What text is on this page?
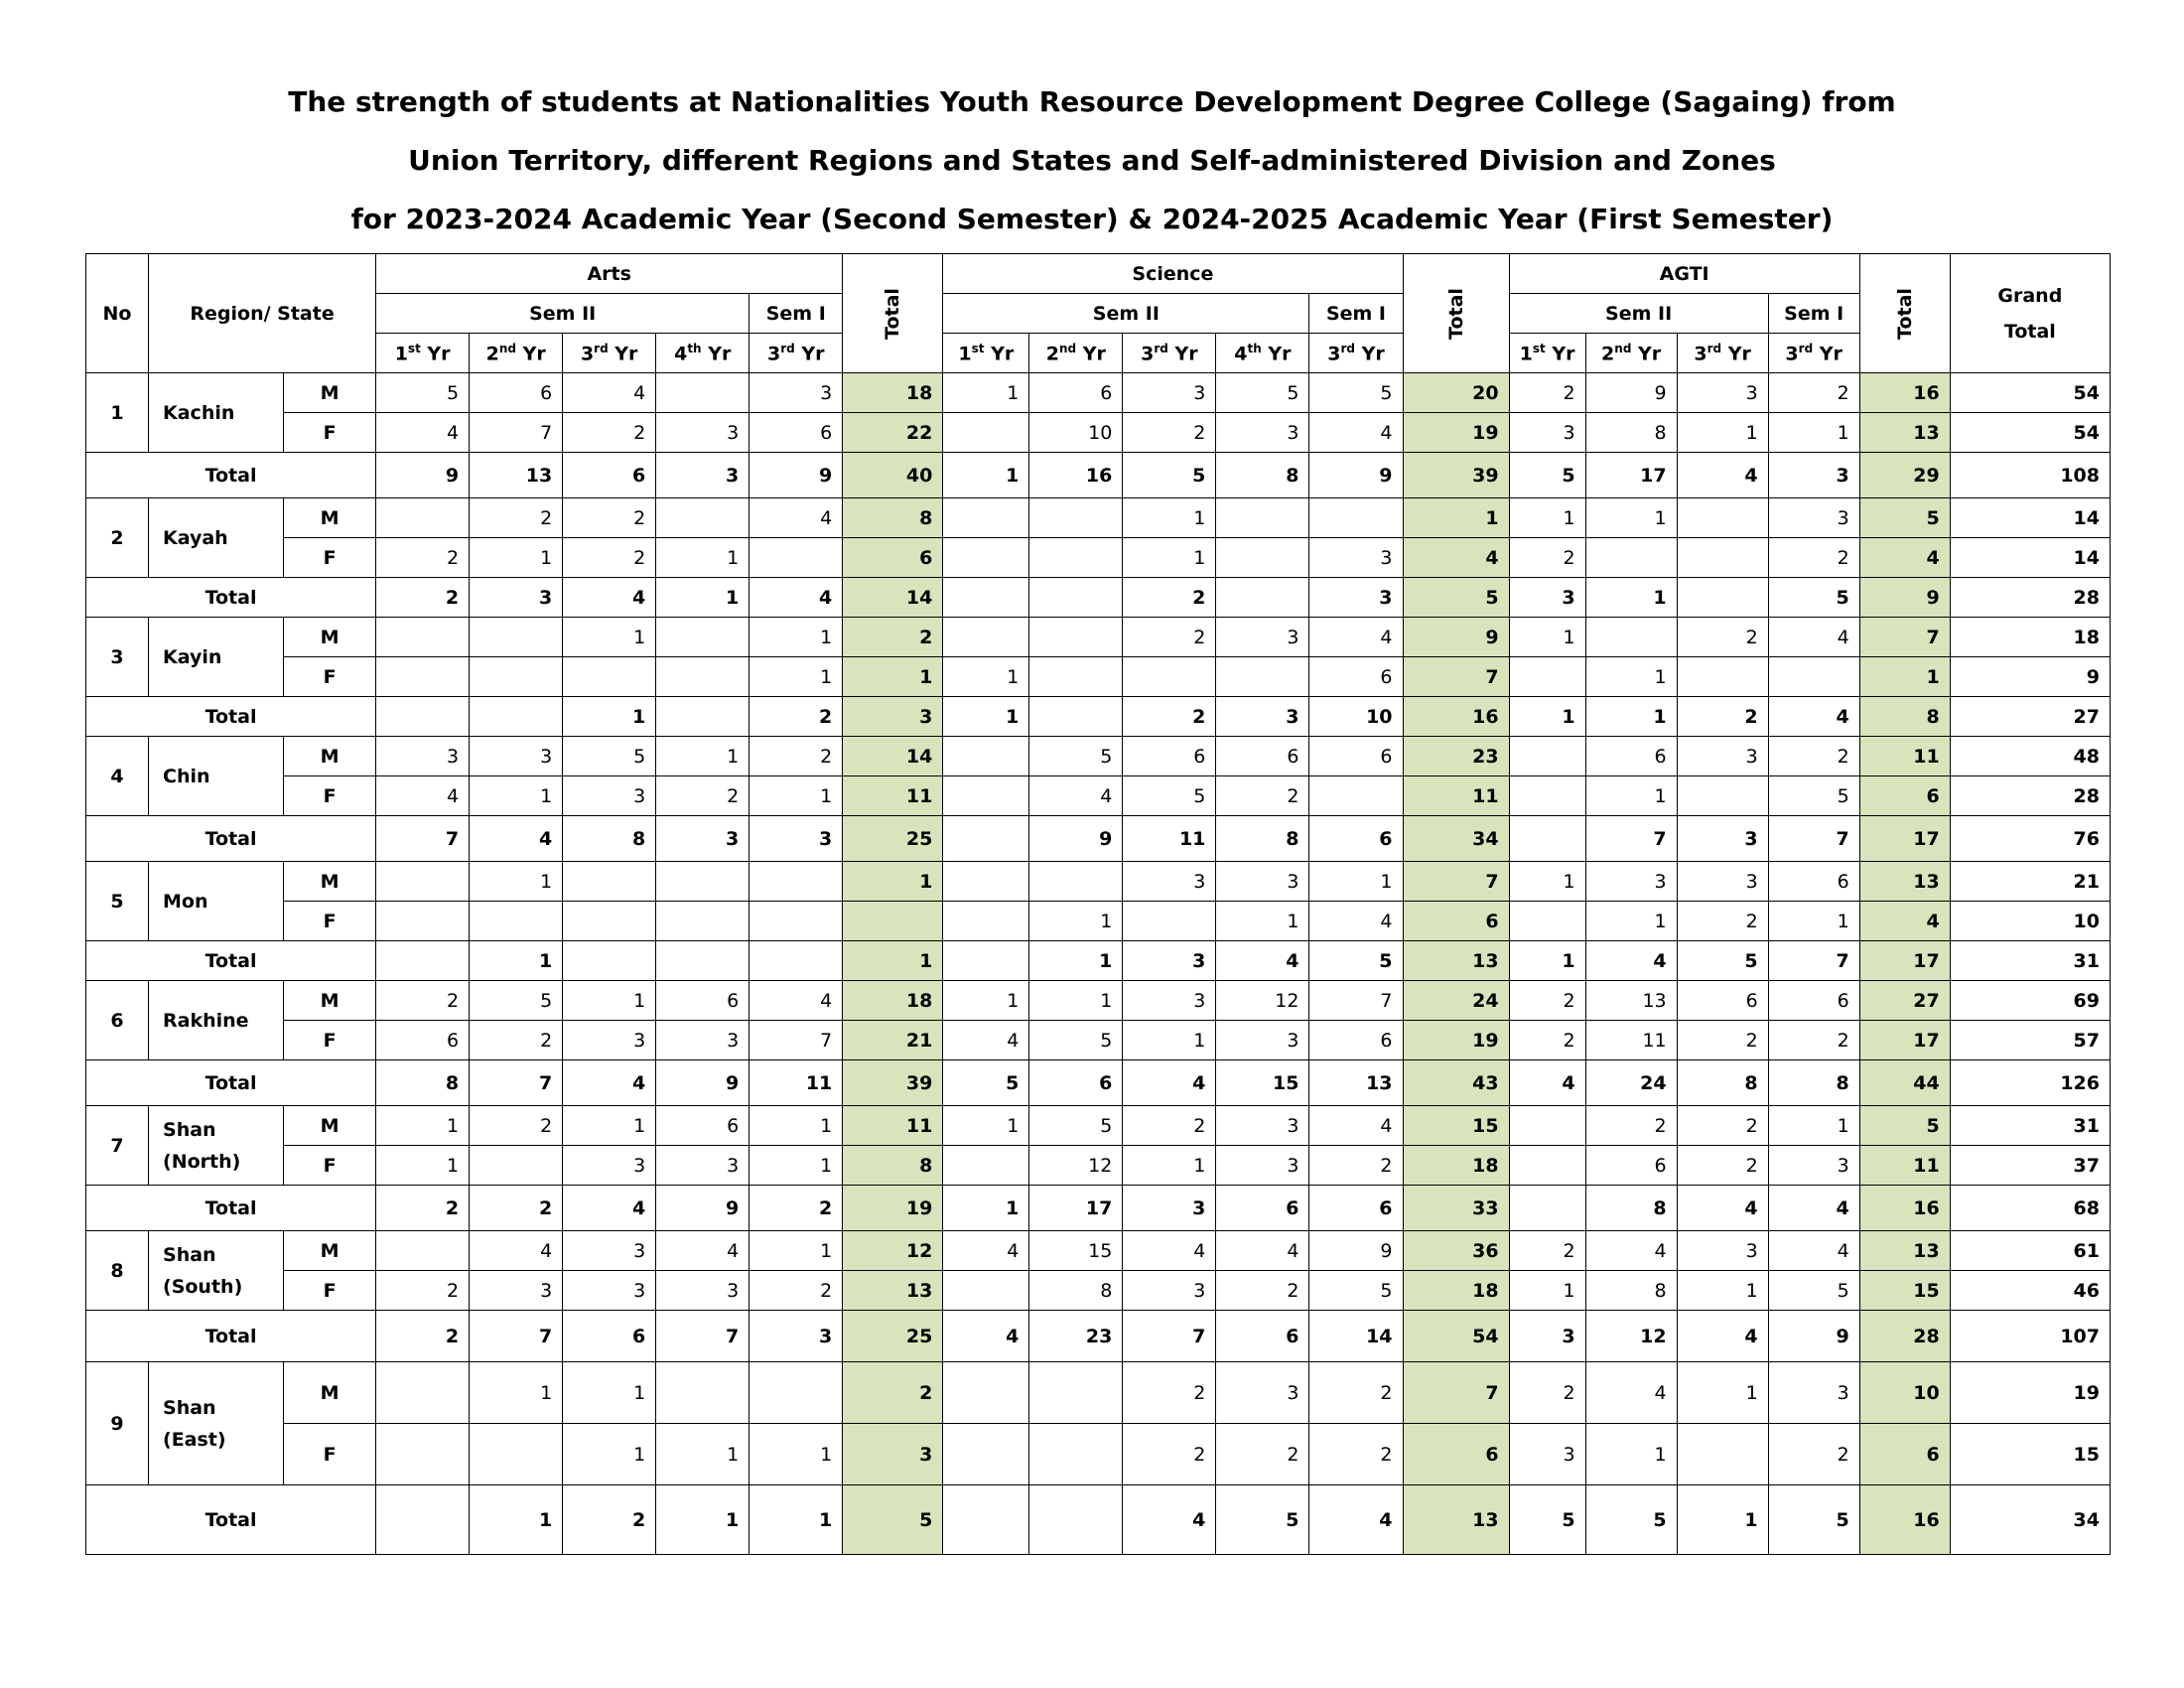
The strength of students at Nationalities Youth Resource Development Degree College (Sagaing) from
Union Territory, different Regions and States and Self-administered Division and Zones
for 2023-2024 Academic Year (Second Semester) & 2024-2025 Academic Year (First Semester)
No	Region/ State		Arts					Total	Science					Total	AGTI				Total	Grand
Total

			Sem II				Sem I		Sem II				Sem I		Sem II			Sem I		
			1st Yr	2nd Yr	3rd Yr	4th Yr	3rd Yr		1st Yr	2nd Yr	3rd Yr	4th Yr	3rd Yr		1st Yr	2nd Yr	3rd Yr	3rd Yr		
1	Kachin	M	5	6	4		3	18	1	6	3	5	5	20	2	9	3	2	16	54
		F	4	7	2	3	6	22		10	2	3	4	19	3	8	1	1	13	54
Total			9	13	6	3	9	40	1	16	5	8	9	39	5	17	4	3	29	108
2	Kayah	M		2	2		4	8			1			1	1	1		3	5	14
		F	2	1	2	1		6			1		3	4	2			2	4	14
Total			2	3	4	1	4	14			2		3	5	3	1		5	9	28
3	Kayin	M			1		1	2			2	3	4	9	1		2	4	7	18
		F					1	1	1				6	7		1			1	9
Total					1		2	3	1		2	3	10	16	1	1	2	4	8	27
4	Chin	M	3	3	5	1	2	14		5	6	6	6	23		6	3	2	11	48
		F	4	1	3	2	1	11		4	5	2		11		1		5	6	28
Total			7	4	8	3	3	25		9	11	8	6	34		7	3	7	17	76
5	Mon	M		1				1			3	3	1	7	1	3	3	6	13	21
		F								1		1	4	6		1	2	1	4	10
Total				1				1		1	3	4	5	13	1	4	5	7	17	31
6	Rakhine	M	2	5	1	6	4	18	1	1	3	12	7	24	2	13	6	6	27	69
		F	6	2	3	3	7	21	4	5	1	3	6	19	2	11	2	2	17	57
Total			8	7	4	9	11	39	5	6	4	15	13	43	4	24	8	8	44	126
7	Shan
(North)	M	1	2	1	6	1	11	1	5	2	3	4	15		2	2	1	5	31
		F	1		3	3	1	8		12	1	3	2	18		6	2	3	11	37
Total			2	2	4	9	2	19	1	17	3	6	6	33		8	4	4	16	68
8	Shan
(South)	M		4	3	4	1	12	4	15	4	4	9	36	2	4	3	4	13	61
		F	2	3	3	3	2	13		8	3	2	5	18	1	8	1	5	15	46
Total			2	7	6	7	3	25	4	23	7	6	14	54	3	12	4	9	28	107
9	Shan
(East)	M		1	1			2			2	3	2	7	2	4	1	3	10	19
		F			1	1	1	3			2	2	2	6	3	1		2	6	15
Total				1	2	1	1	5			4	5	4	13	5	5	1	5	16	34
